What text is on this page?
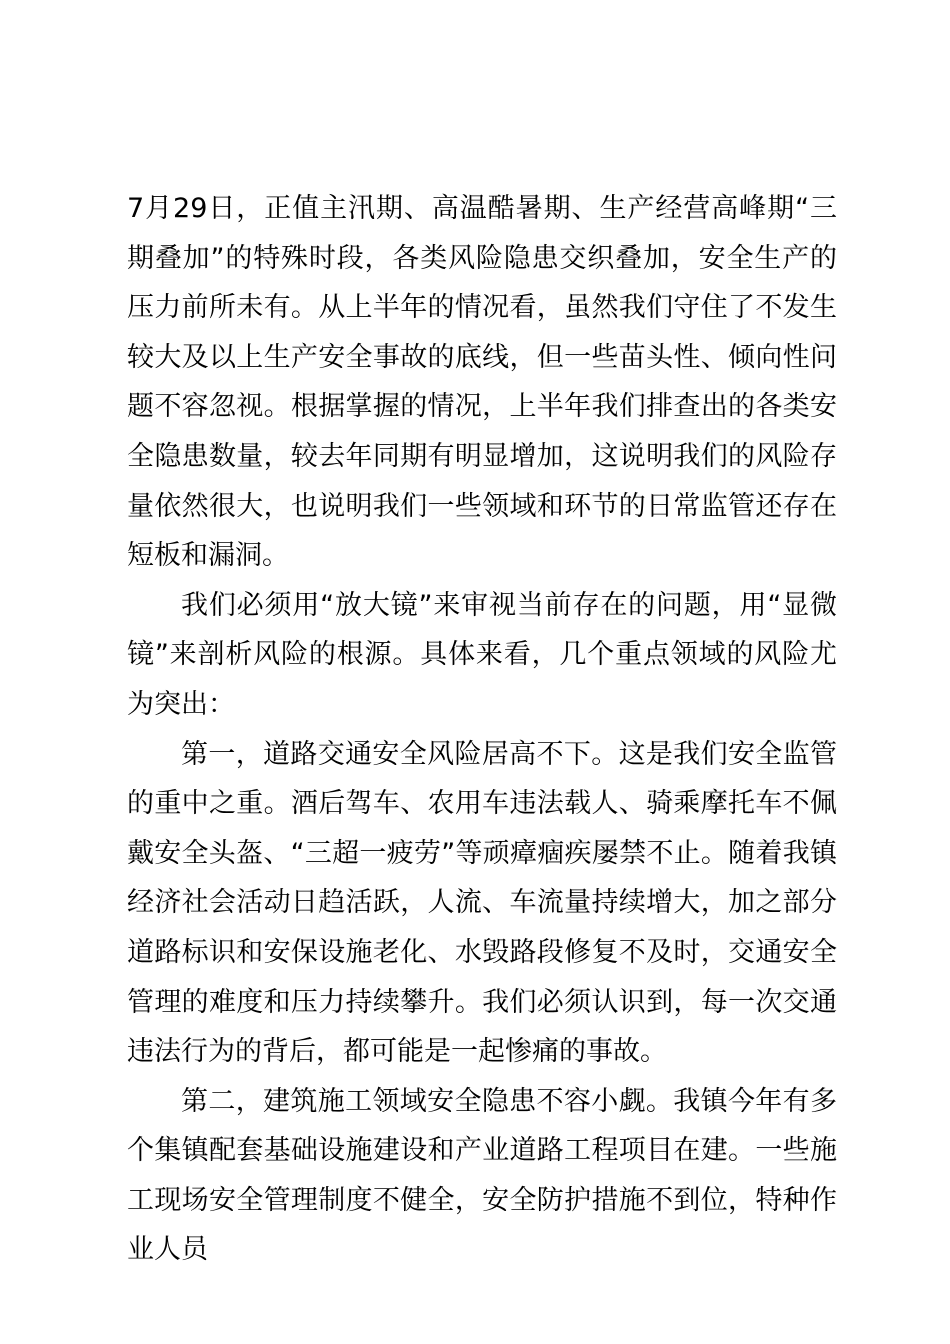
7月29日，正值主汛期、高温酷暑期、生产经营高峰期“三期叠加”的特殊时段，各类风险隐患交织叠加，安全生产的压力前所未有。从上半年的情况看，虽然我们守住了不发生较大及以上生产安全事故的底线，但一些苗头性、倾向性问题不容忽视。根据掌握的情况，上半年我们排查出的各类安全隐患数量，较去年同期有明显增加，这说明我们的风险存量依然很大，也说明我们一些领域和环节的日常监管还存在短板和漏洞。

我们必须用“放大镜”来审视当前存在的问题，用“显微镜”来剖析风险的根源。具体来看，几个重点领域的风险尤为突出：

第一，道路交通安全风险居高不下。这是我们安全监管的重中之重。酒后驾车、农用车违法载人、骑乘摩托车不佩戴安全头盔、“三超一疲劳”等顽瘴痼疾屡禁不止。随着我镇经济社会活动日趋活跃，人流、车流量持续增大，加之部分道路标识和安保设施老化、水毁路段修复不及时，交通安全管理的难度和压力持续攀升。我们必须认识到，每一次交通违法行为的背后，都可能是一起惨痛的事故。

第二，建筑施工领域安全隐患不容小觑。我镇今年有多个集镇配套基础设施建设和产业道路工程项目在建。一些施工现场安全管理制度不健全，安全防护措施不到位，特种作业人员
